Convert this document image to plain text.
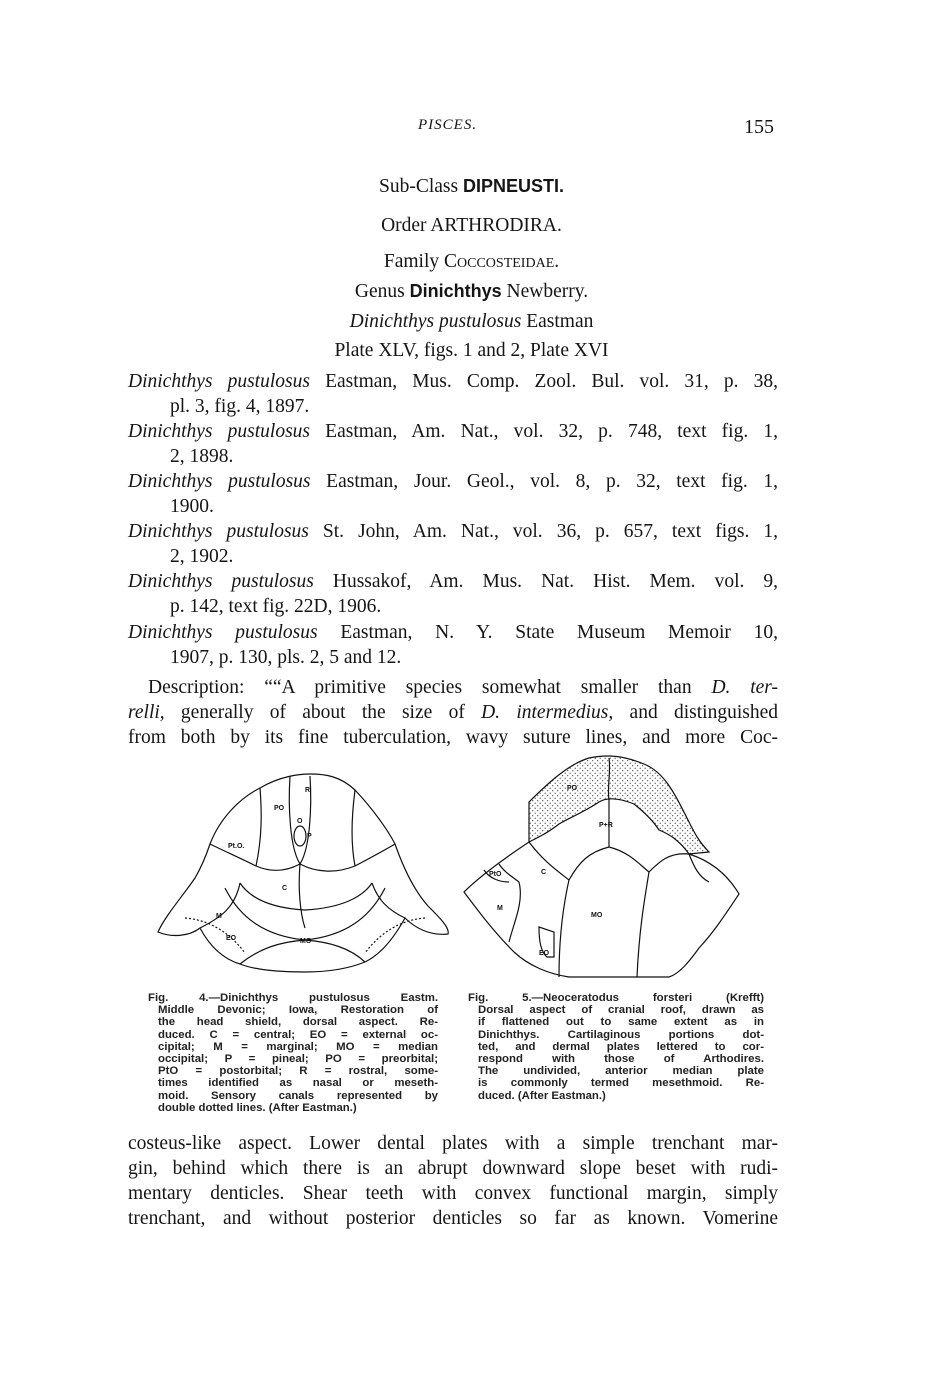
PISCES.	155
Sub-Class DIPNEUSTI.
Order ARTHRODIRA.
Family Coccosteidae.
Genus Dinichthys Newberry.
Dinichthys pustulosus Eastman
Plate XLV, figs. 1 and 2, Plate XVI
Dinichthys pustulosus Eastman, Mus. Comp. Zool. Bul. vol. 31, p. 38,
pl. 3, fig. 4, 1897.
Dinichthys pustulosus Eastman, Am. Nat., vol. 32, p. 748, text fig. 1,
2, 1898.
Dinichthys pustulosus Eastman, Jour. Geol., vol. 8, p. 32, text fig. 1,
1900.
Dinichthys pustulosus St. John, Am. Nat., vol. 36, p. 657, text figs. 1,
2, 1902.
Dinichthys pustulosus Hussakof, Am. Mus. Nat. Hist. Mem. vol. 9,
p. 142, text fig. 22D, 1906.
Dinichthys pustulosus Eastman, N. Y. State Museum Memoir 10,
1907, p. 130, pls. 2, 5 and 12.
Description: ““A primitive species somewhat smaller than D. ter-
relli, generally of about the size of D. intermedius, and distinguished
from both by its fine tuberculation, wavy suture lines, and more Coc-
R
PO
Pt.O.
P
O
C
M
EO	MO
PO
P+R
PtO	C
M
MO
EO
Fig. 4.—Dinichthys pustulosus Eastm.
Middle Devonic; Iowa, Restoration of
the head shield, dorsal aspect. Re-
duced. C = central; EO = external oc-
cipital; M = marginal; MO = median
occipital; P = pineal; PO = preorbital;
PtO = postorbital; R = rostral, some-
times identified as nasal or meseth-
moid. Sensory canals represented by
double dotted lines. (After Eastman.)
Fig. 5.—Neoceratodus forsteri (Krefft)
Dorsal aspect of cranial roof, drawn as
if flattened out to same extent as in
Dinichthys. Cartilaginous portions dot-
ted, and dermal plates lettered to cor-
respond with those of Arthodires.
The undivided, anterior median plate
is commonly termed mesethmoid. Re-
duced. (After Eastman.)
costeus-like aspect. Lower dental plates with a simple trenchant mar-
gin, behind which there is an abrupt downward slope beset with rudi-
mentary denticles. Shear teeth with convex functional margin, simply
trenchant, and without posterior denticles so far as known. Vomerine
